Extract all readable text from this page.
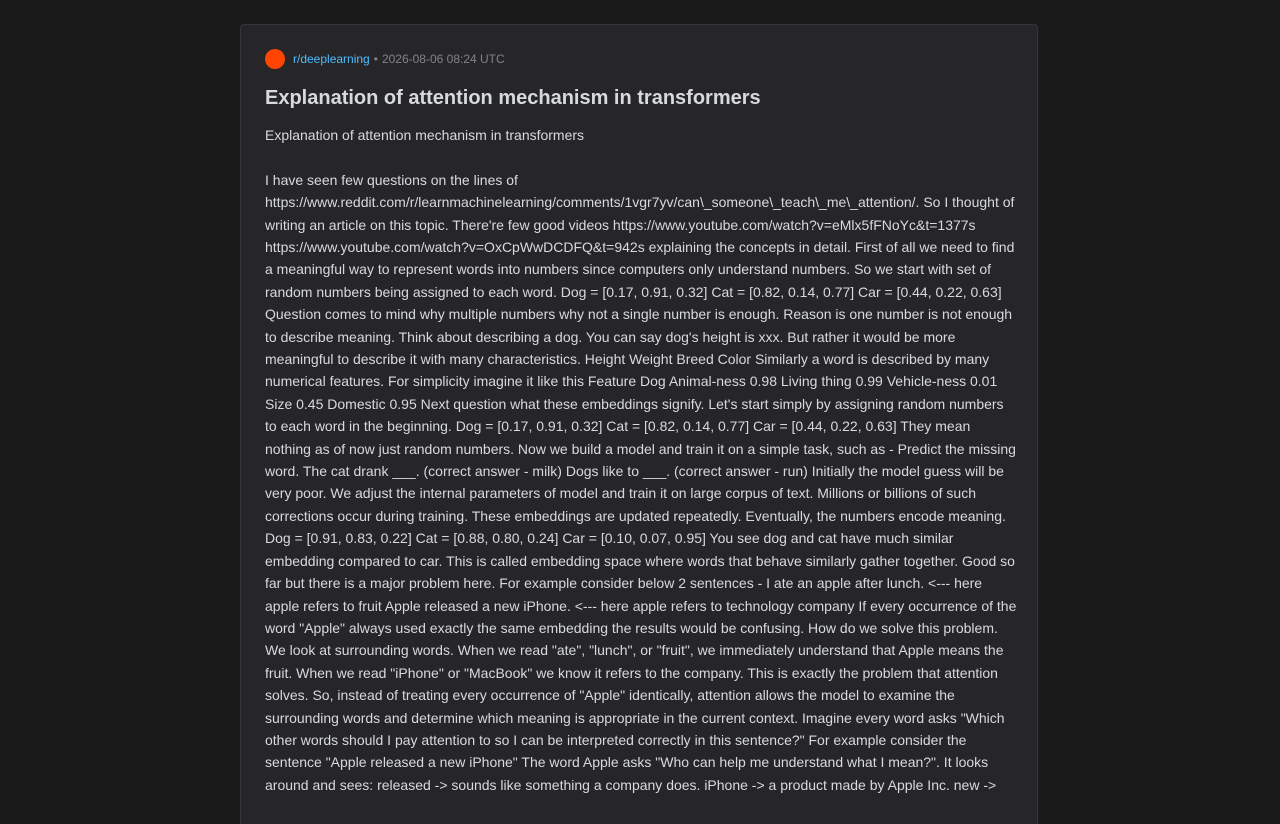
r/deeplearning • 2026-08-06 08:24 UTC
Explanation of attention mechanism in transformers

Explanation of attention mechanism in transformers

I have seen few questions on the lines of https://www.reddit.com/r/learnmachinelearning/comments/1vgr7yv/can\_someone\_teach\_me\_attention/. So I thought of writing an article on this topic. There're few good videos https://www.youtube.com/watch?v=eMlx5fFNoYc&t=1377s https://www.youtube.com/watch?v=OxCpWwDCDFQ&t=942s explaining the concepts in detail. First of all we need to find a meaningful way to represent words into numbers since computers only understand numbers. So we start with set of random numbers being assigned to each word. Dog = [0.17, 0.91, 0.32] Cat = [0.82, 0.14, 0.77] Car = [0.44, 0.22, 0.63] Question comes to mind why multiple numbers why not a single number is enough. Reason is one number is not enough to describe meaning. Think about describing a dog. You can say dog's height is xxx. But rather it would be more meaningful to describe it with many characteristics. Height Weight Breed Color Similarly a word is described by many numerical features. For simplicity imagine it like this Feature Dog Animal-ness 0.98 Living thing 0.99 Vehicle-ness 0.01 Size 0.45 Domestic 0.95 Next question what these embeddings signify. Let's start simply by assigning random numbers to each word in the beginning. Dog = [0.17, 0.91, 0.32] Cat = [0.82, 0.14, 0.77] Car = [0.44, 0.22, 0.63] They mean nothing as of now just random numbers. Now we build a model and train it on a simple task, such as - Predict the missing word. The cat drank ___. (correct answer - milk) Dogs like to ___. (correct answer - run) Initially the model guess will be very poor. We adjust the internal parameters of model and train it on large corpus of text. Millions or billions of such corrections occur during training. These embeddings are updated repeatedly. Eventually, the numbers encode meaning. Dog = [0.91, 0.83, 0.22] Cat = [0.88, 0.80, 0.24] Car = [0.10, 0.07, 0.95] You see dog and cat have much similar embedding compared to car. This is called embedding space where words that behave similarly gather together. Good so far but there is a major problem here. For example consider below 2 sentences - I ate an apple after lunch. <--- here apple refers to fruit Apple released a new iPhone. <--- here apple refers to technology company If every occurrence of the word "Apple" always used exactly the same embedding the results would be confusing. How do we solve this problem. We look at surrounding words. When we read "ate", "lunch", or "fruit", we immediately understand that Apple means the fruit. When we read "iPhone" or "MacBook" we know it refers to the company. This is exactly the problem that attention solves. So, instead of treating every occurrence of "Apple" identically, attention allows the model to examine the surrounding words and determine which meaning is appropriate in the current context. Imagine every word asks "Which other words should I pay attention to so I can be interpreted correctly in this sentence?" For example consider the sentence "Apple released a new iPhone" The word Apple asks "Who can help me understand what I mean?". It looks around and sees: released -> sounds like something a company does. iPhone -> a product made by Apple Inc. new ->
